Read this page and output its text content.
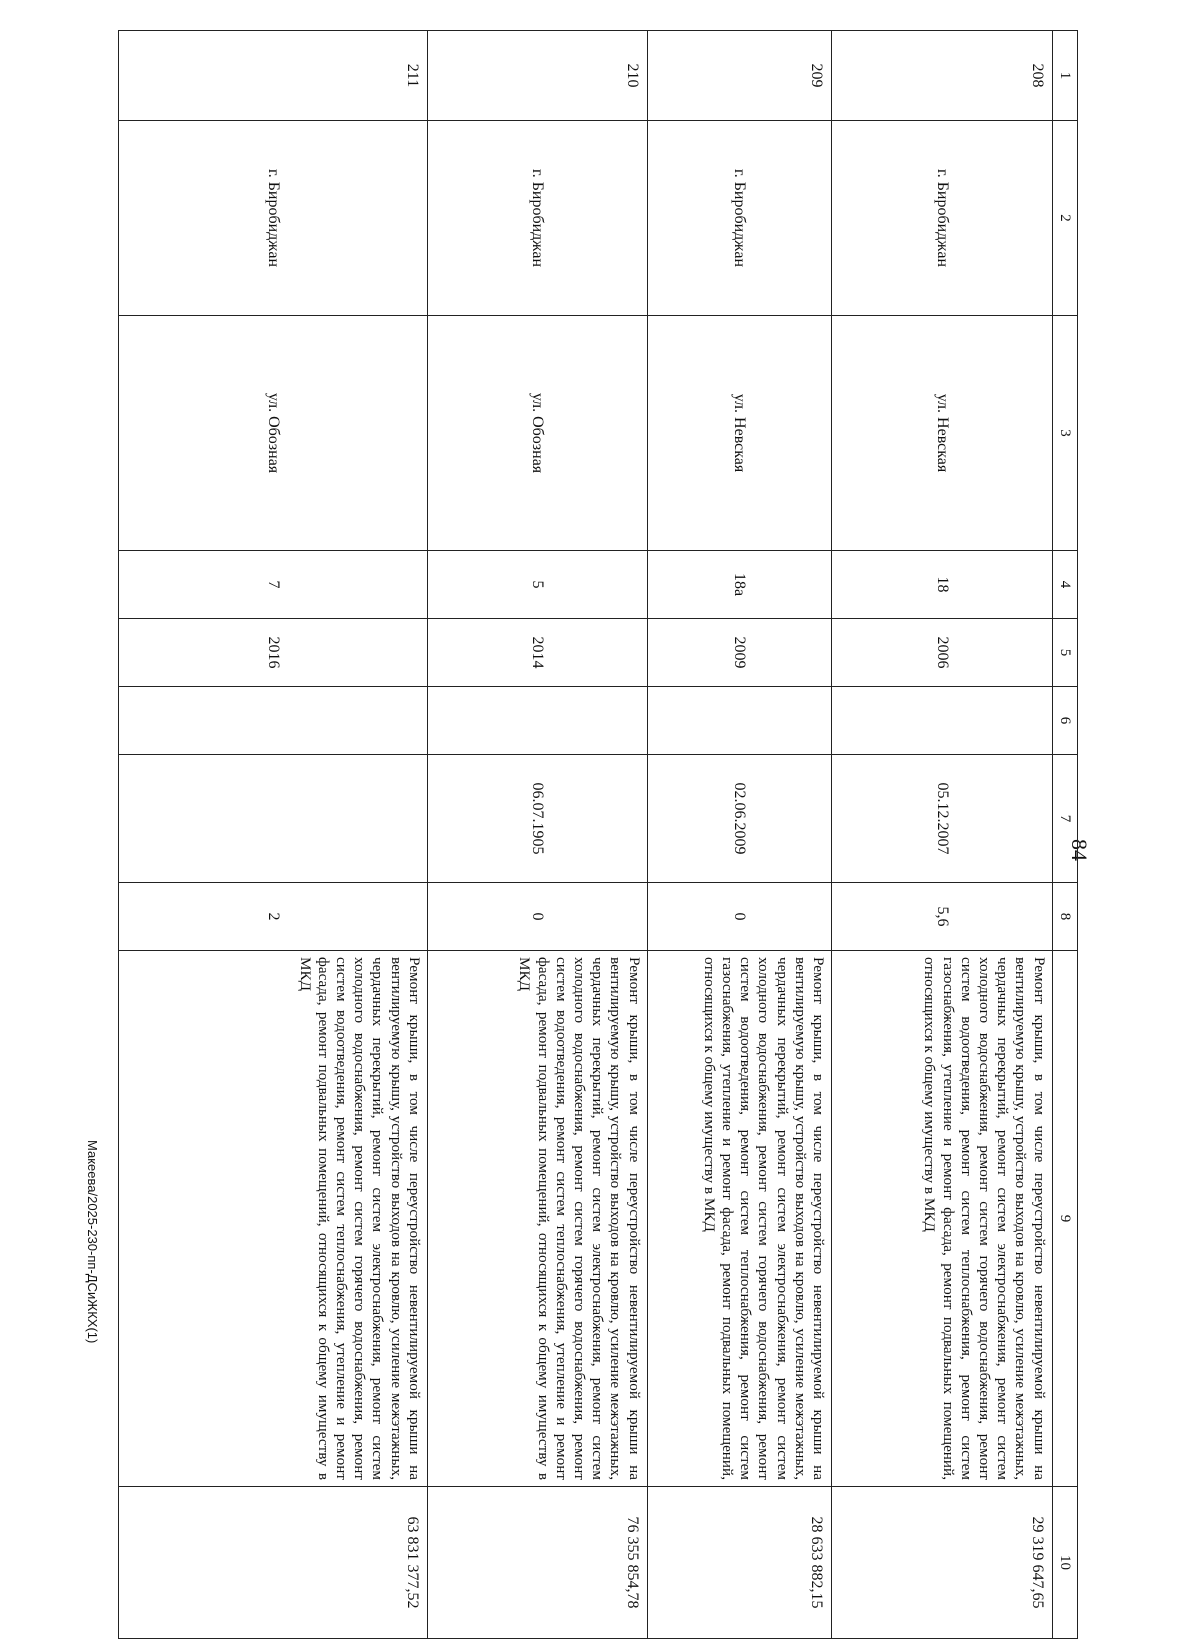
84
1	2	3	4	5	6	7	8	9	10
208	г. Биробиджан	ул. Невская	18	2006		05.12.2007	5,6	Ремонт крыши, в том числе переустройство невентилируемой крыши на вентилируемую крышу, устройство выходов на кровлю, усиление межэтажных, чердачных перекрытий, ремонт систем электроснабжения, ремонт систем холодного водоснабжения, ремонт систем горячего водоснабжения, ремонт систем водоотведения, ремонт систем теплоснабжения, ремонт систем газоснабжения, утепление и ремонт фасада, ремонт подвальных помещений, относящихся к общему имуществу в МКД	29 319 647,65
209	г. Биробиджан	ул. Невская	18а	2009		02.06.2009	0	Ремонт крыши, в том числе переустройство невентилируемой крыши на вентилируемую крышу, устройство выходов на кровлю, усиление межэтажных, чердачных перекрытий, ремонт систем электроснабжения, ремонт систем холодного водоснабжения, ремонт систем горячего водоснабжения, ремонт систем водоотведения, ремонт систем теплоснабжения, ремонт систем газоснабжения, утепление и ремонт фасада, ремонт подвальных помещений, относящихся к общему имуществу в МКД	28 633 882,15
210	г. Биробиджан	ул. Обозная	5	2014		06.07.1905	0	Ремонт крыши, в том числе переустройство невентилируемой крыши на вентилируемую крышу, устройство выходов на кровлю, усиление межэтажных, чердачных перекрытий, ремонт систем электроснабжения, ремонт систем холодного водоснабжения, ремонт систем горячего водоснабжения, ремонт систем водоотведения, ремонт систем теплоснабжения, утепление и ремонт фасада, ремонт подвальных помещений, относящихся к общему имуществу в МКД	76 355 854,78
211	г. Биробиджан	ул. Обозная	7	2016			2	Ремонт крыши, в том числе переустройство невентилируемой крыши на вентилируемую крышу, устройство выходов на кровлю, усиление межэтажных, чердачных перекрытий, ремонт систем электроснабжения, ремонт систем холодного водоснабжения, ремонт систем горячего водоснабжения, ремонт систем водоотведения, ремонт систем теплоснабжения, утепление и ремонт фасада, ремонт подвальных помещений, относящихся к общему имуществу в МКД	63 831 377,52
Макеева/2025-230-пп-ДСиЖКХ(1)
